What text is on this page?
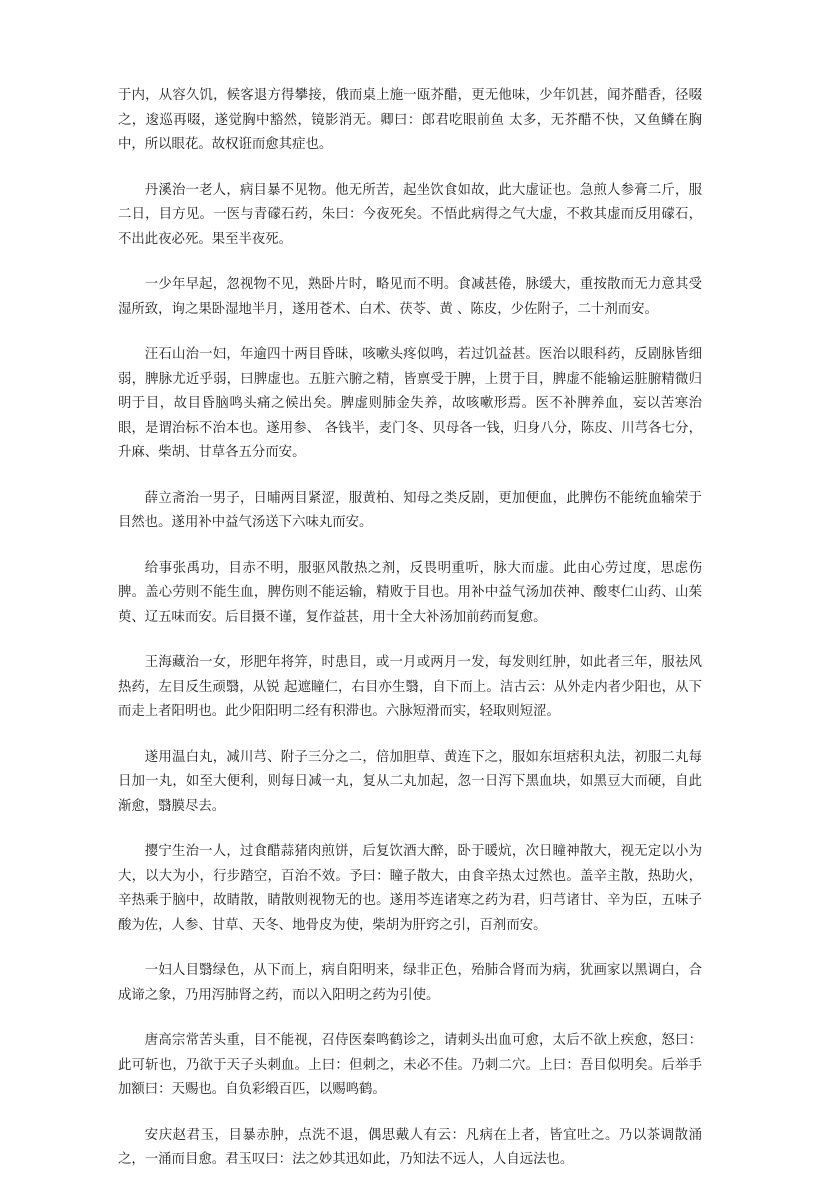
于内，从容久饥，候客退方得攀接，俄而桌上施一瓯芥醋，更无他味，少年饥甚，闻芥醋香，径啜之，逡巡再啜，遂觉胸中豁然，镜影消无。卿曰：郎君吃眼前鱼 太多，无芥醋不快，又鱼鳞在胸中，所以眼花。故权诳而愈其症也。

丹溪治一老人，病目暴不见物。他无所苦，起坐饮食如故，此大虚证也。急煎人参膏二斤，服二日，目方见。一医与青礞石药，朱曰：今夜死矣。不悟此病得之气大虚，不救其虚而反用礞石，不出此夜必死。果至半夜死。

一少年早起，忽视物不见，熟卧片时，略见而不明。食减甚倦，脉缓大，重按散而无力意其受湿所致，询之果卧湿地半月，遂用苍术、白术、茯苓、黄 、陈皮，少佐附子，二十剂而安。

汪石山治一妇，年逾四十两目昏昧，咳嗽头疼似鸣，若过饥益甚。医治以眼科药，反剧脉皆细弱，脾脉尤近乎弱，曰脾虚也。五脏六腑之精，皆禀受于脾，上贯于目，脾虚不能输运脏腑精微归明于目，故目昏脑鸣头痛之候出矣。脾虚则肺金失养，故咳嗽形焉。医不补脾养血，妄以苦寒治眼，是谓治标不治本也。遂用参、 各钱半，麦门冬、贝母各一钱，归身八分，陈皮、川芎各七分，升麻、柴胡、甘草各五分而安。

薛立斋治一男子，日晡两目紧涩，服黄柏、知母之类反剧，更加便血，此脾伤不能统血输荣于目然也。遂用补中益气汤送下六味丸而安。

给事张禹功，目赤不明，服驱风散热之剂，反畏明重听，脉大而虚。此由心劳过度，思虑伤脾。盖心劳则不能生血，脾伤则不能运输，精败于目也。用补中益气汤加茯神、酸枣仁山药、山茱萸、辽五味而安。后目摄不谨，复作益甚，用十全大补汤加前药而复愈。

王海藏治一女，形肥年将笄，时患目，或一月或两月一发，每发则红肿，如此者三年，服祛风热药，左目反生顽翳，从锐 起遮瞳仁，右目亦生翳，自下而上。洁古云：从外走内者少阳也，从下而走上者阳明也。此少阳阳明二经有积滞也。六脉短滑而实，轻取则短涩。

遂用温白丸，减川芎、附子三分之二，倍加胆草、黄连下之，服如东垣痞积丸法，初服二丸每日加一丸，如至大便利，则每日减一丸，复从二丸加起，忽一日泻下黑血块，如黑豆大而硬，自此渐愈，翳膜尽去。

撄宁生治一人，过食醋蒜猪肉煎饼，后复饮酒大醉，卧于暖炕，次日瞳神散大，视无定以小为大，以大为小，行步踏空，百治不效。予曰：瞳子散大，由食辛热太过然也。盖辛主散，热助火，辛热乘于脑中，故睛散，睛散则视物无的也。遂用芩连诸寒之药为君，归芎诸甘、辛为臣，五味子酸为佐，人参、甘草、天冬、地骨皮为使，柴胡为肝窍之引，百剂而安。

一妇人目翳绿色，从下而上，病自阳明来，绿非正色，殆肺合肾而为病，犹画家以黑调白，合成谛之象，乃用泻肺肾之药，而以入阳明之药为引使。

唐高宗常苦头重，目不能视，召侍医秦鸣鹤诊之，请刺头出血可愈，太后不欲上疾愈，怒曰：此可斩也，乃欲于天子头刺血。上曰：但刺之，未必不佳。乃刺二穴。上曰：吾目似明矣。后举手加额曰：天赐也。自负彩缎百匹，以赐鸣鹤。

安庆赵君玉，目暴赤肿，点洗不退，偶思戴人有云：凡病在上者，皆宜吐之。乃以茶调散涌之，一涌而目愈。君玉叹曰：法之妙其迅如此，乃知法不远人，人自远法也。
